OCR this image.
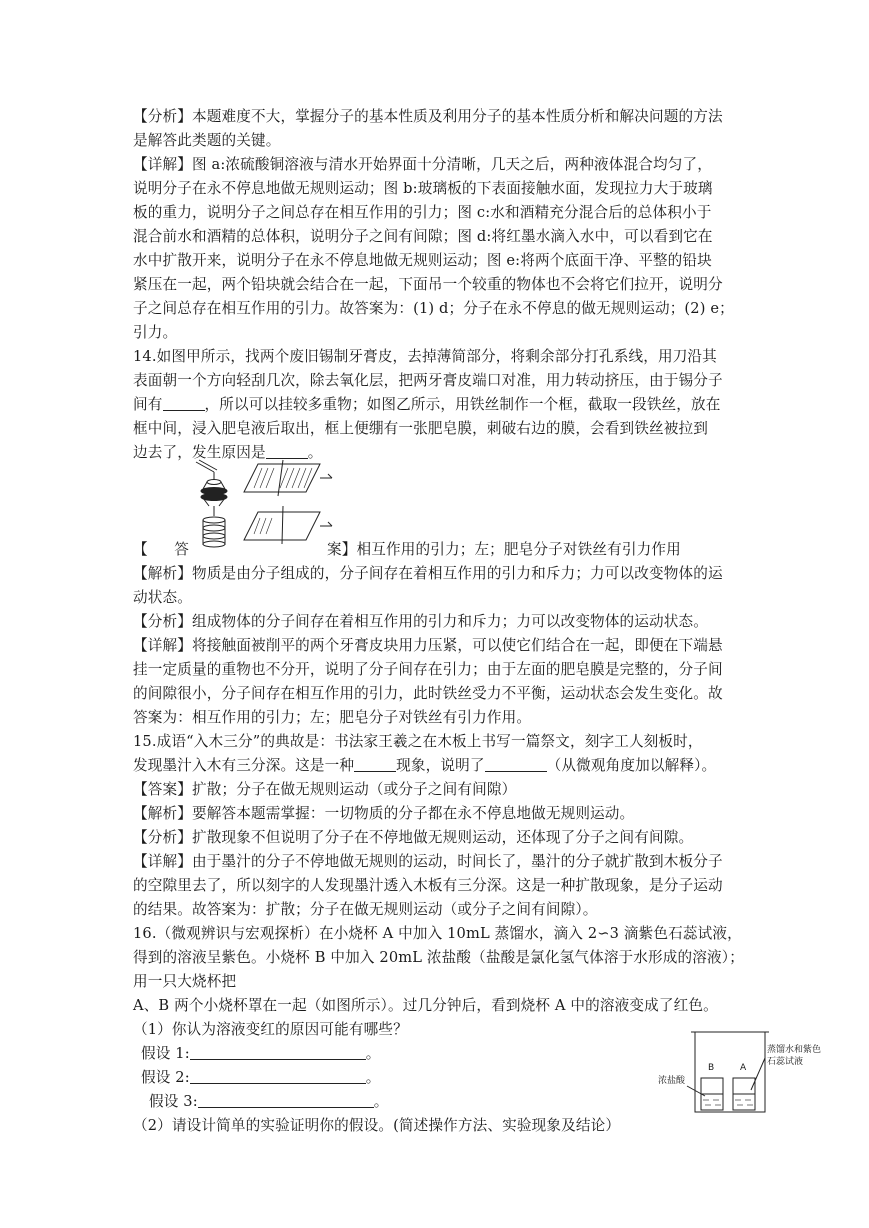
【分析】本题难度不大，掌握分子的基本性质及利用分子的基本性质分析和解决问题的方法
是解答此类题的关键。
【详解】图 a:浓硫酸铜溶液与清水开始界面十分清晰，几天之后，两种液体混合均匀了，
说明分子在永不停息地做无规则运动；图 b:玻璃板的下表面接触水面，发现拉力大于玻璃
板的重力，说明分子之间总存在相互作用的引力；图 c:水和酒精充分混合后的总体积小于
混合前水和酒精的总体积，说明分子之间有间隙；图 d:将红墨水滴入水中，可以看到它在
水中扩散开来，说明分子在永不停息地做无规则运动；图 e:将两个底面干净、平整的铅块
紧压在一起，两个铅块就会结合在一起，下面吊一个较重的物体也不会将它们拉开，说明分
子之间总存在相互作用的引力。故答案为：(1) d；分子在永不停息的做无规则运动；(2) e；
引力。
14.如图甲所示，找两个废旧锡制牙膏皮，去掉薄简部分，将剩余部分打孔系线，用刀沿其
表面朝一个方向轻刮几次，除去氧化层，把两牙膏皮端口对准，用力转动挤压，由于锡分子
间有	，所以可以挂较多重物；如图乙所示，用铁丝制作一个框，截取一段铁丝，放在
框中间，浸入肥皂液后取出，框上便绷有一张肥皂膜，刺破右边的膜，会看到铁丝被拉到
边去了，发生原因是	。
【　答	案】相互作用的引力；左；肥皂分子对铁丝有引力作用
【解析】物质是由分子组成的，分子间存在着相互作用的引力和斥力；力可以改变物体的运
动状态。
【分析】组成物体的分子间存在着相互作用的引力和斥力；力可以改变物体的运动状态。
【详解】将接触面被削平的两个牙膏皮块用力压紧，可以使它们结合在一起，即便在下端悬
挂一定质量的重物也不分开，说明了分子间存在引力；由于左面的肥皂膜是完整的，分子间
的间隙很小，分子间存在相互作用的引力，此时铁丝受力不平衡，运动状态会发生变化。故
答案为：相互作用的引力；左；肥皂分子对铁丝有引力作用。
15.成语“入木三分”的典故是：书法家王羲之在木板上书写一篇祭文，刻字工人刻板时，
发现墨汁入木有三分深。这是一种	现象，说明了	（从微观角度加以解释）。
【答案】扩散；分子在做无规则运动（或分子之间有间隙）
【解析】要解答本题需掌握：一切物质的分子都在永不停息地做无规则运动。
【分析】扩散现象不但说明了分子在不停地做无规则运动，还体现了分子之间有间隙。
【详解】由于墨汁的分子不停地做无规则的运动，时间长了，墨汁的分子就扩散到木板分子
的空隙里去了，所以刻字的人发现墨汁透入木板有三分深。这是一种扩散现象，是分子运动
的结果。故答案为：扩散；分子在做无规则运动（或分子之间有间隙）。
16.（微观辨识与宏观探析）在小烧杯 A 中加入 10mL 蒸馏水，滴入 2∽3 滴紫色石蕊试液，
得到的溶液呈紫色。小烧杯 B 中加入 20mL 浓盐酸（盐酸是氯化氢气体溶于水形成的溶液）；
用一只大烧杯把
A、B 两个小烧杯罩在一起（如图所示）。过几分钟后，看到烧杯 A 中的溶液变成了红色。
（1）你认为溶液变红的原因可能有哪些？
假设 1:	。
假设 2:	。
假设 3:	。
（2）请设计简单的实验证明你的假设。(简述操作方法、实验现象及结论）
B	A
浓盐酸
蒸馏水和紫色
石蕊试液
